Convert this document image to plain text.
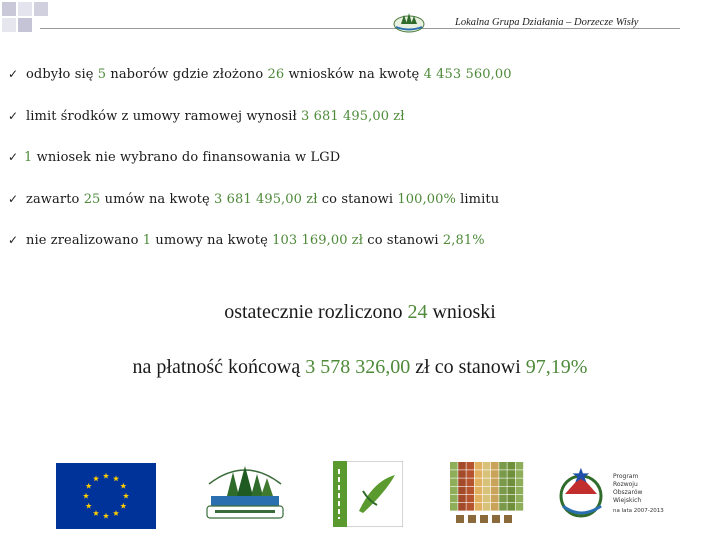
Lokalna Grupa Działania – Dorzecze Wisły
✓ odbyło się 5 naborów gdzie złożono 26 wniosków na kwotę 4 453 560,00
✓ limit środków z umowy ramowej wynosił 3 681 495,00 zł
✓ 1 wniosek nie wybrano do finansowania w LGD
✓ zawarto 25 umów na kwotę 3 681 495,00 zł co stanowi 100,00% limitu
✓ nie zrealizowano 1 umowy na kwotę 103 169,00 zł co stanowi 2,81%
ostatecznie rozliczono 24 wnioski
na płatność końcową 3 578 326,00 zł co stanowi 97,19%
Program
Rozwoju
Obszarów
Wiejskich
na lata 2007-2013
